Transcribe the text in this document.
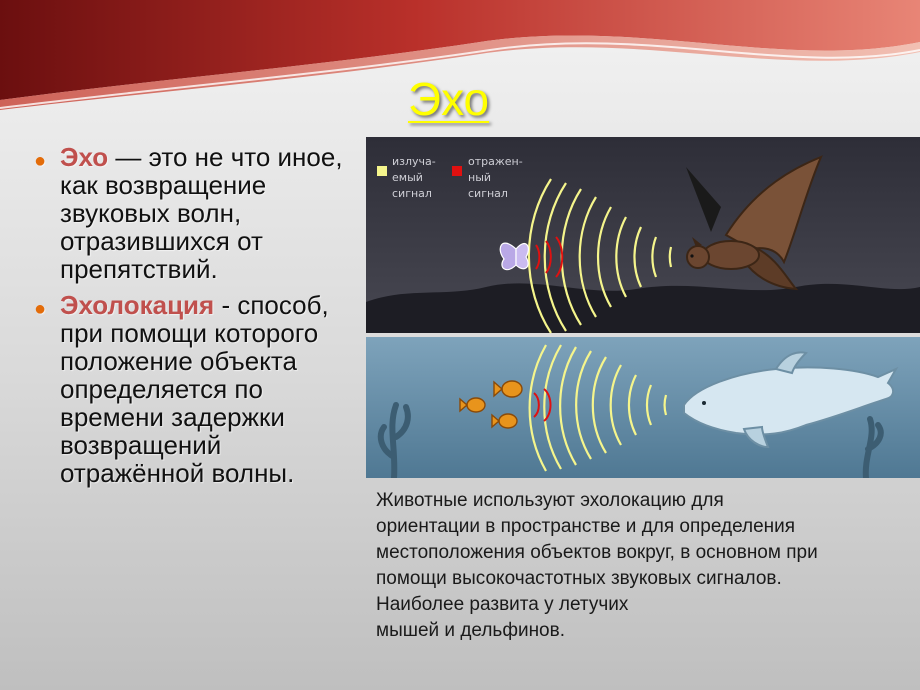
Эхо
● Эхо — это не что иное, как возвращение звуковых волн, отразившихся от препятствий.
● Эхолокация - способ, при помощи которого положение объекта определяется по времени задержки возвращений отражённой волны.
излуча- емый сигнал
отражен- ный сигнал
Животные используют эхолокацию для
ориентации в пространстве и для определения
местоположения объектов вокруг, в основном при
помощи высокочастотных звуковых сигналов.
Наиболее развита у летучих
мышей и дельфинов.
